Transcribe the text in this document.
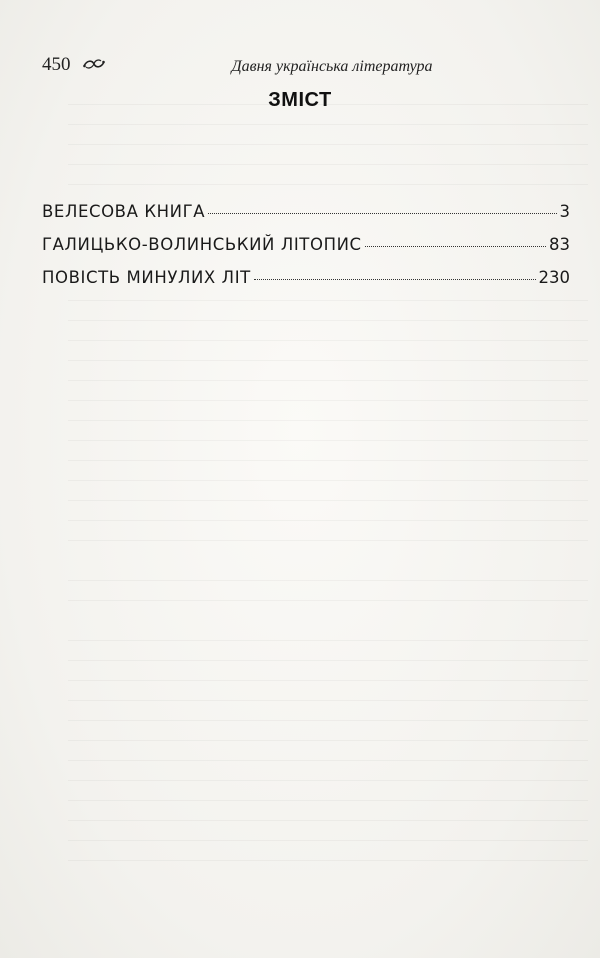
450	Давня українська література
ЗМІСТ
ВЕЛЕСОВА КНИГА	3
ГАЛИЦЬКО-ВОЛИНСЬКИЙ ЛІТОПИС	83
ПОВІСТЬ МИНУЛИХ ЛІТ	230
